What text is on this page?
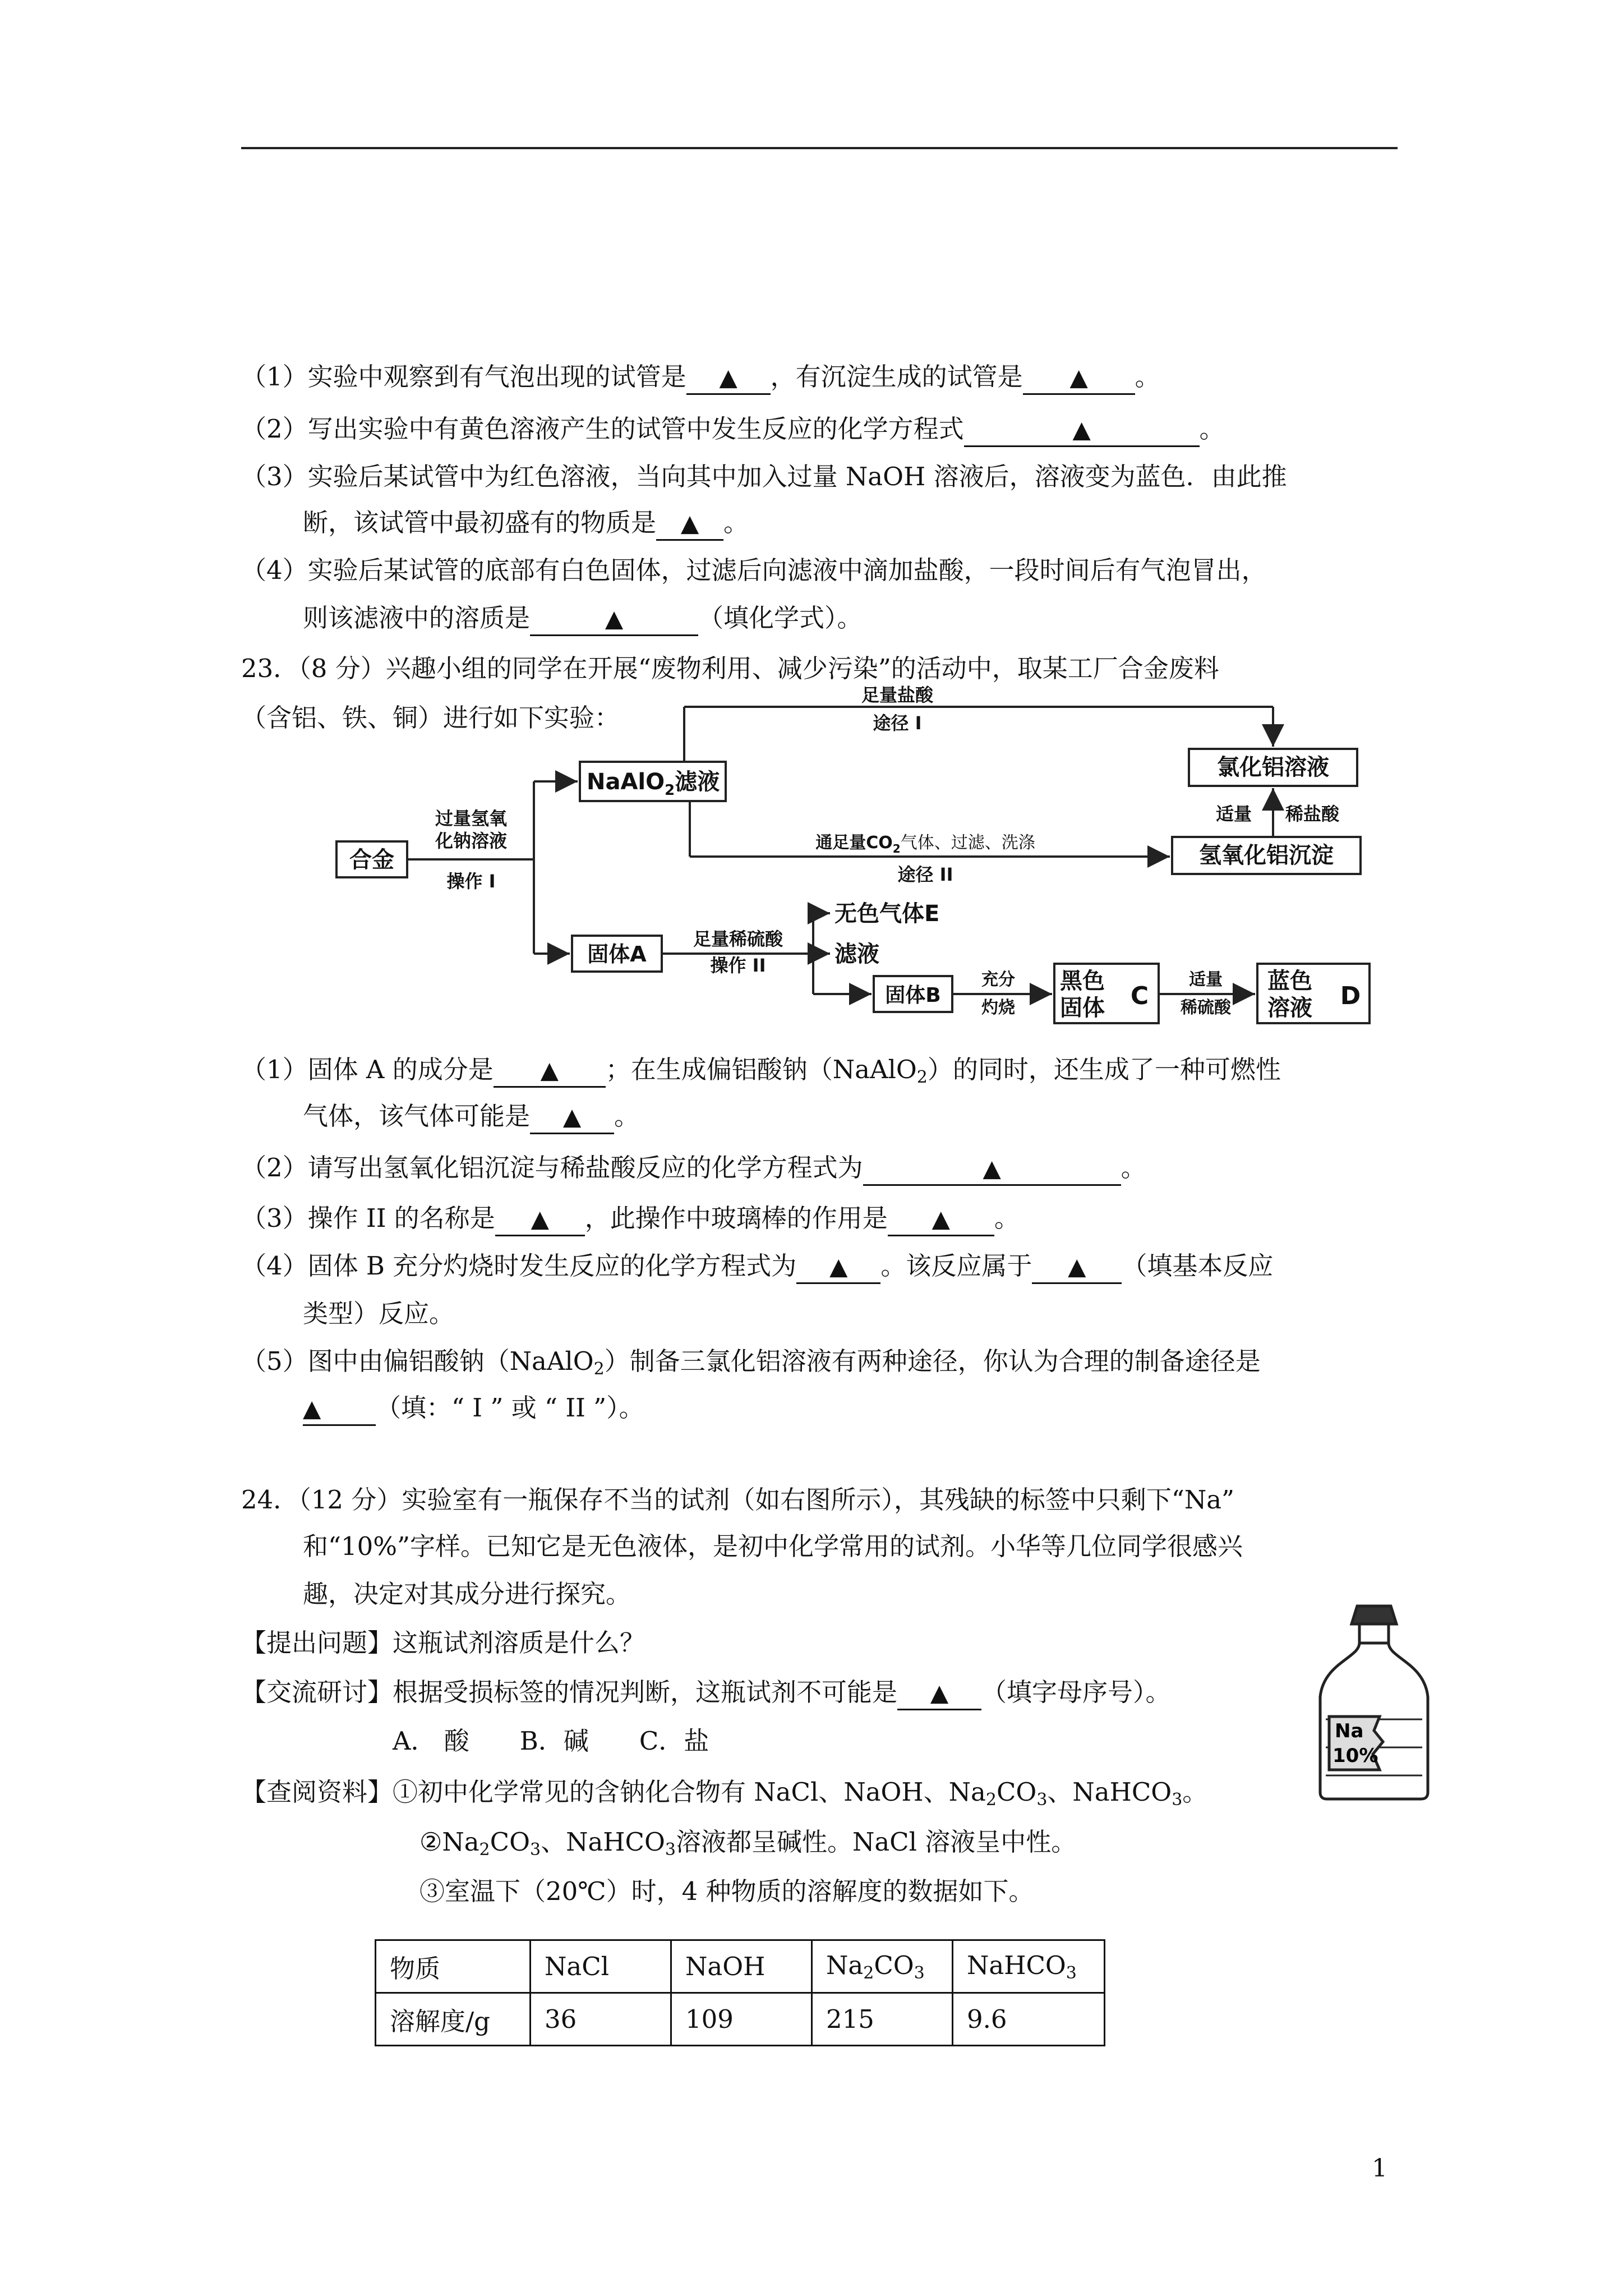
（1）实验中观察到有气泡出现的试管是 ▲ ，有沉淀生成的试管是 ▲ 。
（2）写出实验中有黄色溶液产生的试管中发生反应的化学方程式	▲	。
（3）实验后某试管中为红色溶液，当向其中加入过量 NaOH 溶液后，溶液变为蓝色．由此推
断，该试管中最初盛有的物质是 ▲ 。
（4）实验后某试管的底部有白色固体，过滤后向滤液中滴加盐酸，一段时间后有气泡冒出，
则该滤液中的溶质是	▲	（填化学式）。
23．（8 分）兴趣小组的同学在开展“废物利用、减少污染”的活动中，取某工厂合金废料
（含铝、铁、铜）进行如下实验：
合金
过量氢氧
化钠溶液
操作 I
NaAlO$_2$滤液
足量盐酸
途径 I
氯化铝溶液
适量 稀盐酸
通足量$CO_2$气体、过滤、洗涤
途径 II
氢氧化铝沉淀
固体A
足量稀硫酸
操作 II
无色气体E
滤液
固体B
充分
灼烧
黑色
固体 C
适量
稀硫酸
蓝色
溶液 D
（1）固体 A 的成分是 ▲ ；在生成偏铝酸钠（NaAlO$_2$）的同时，还生成了一种可燃性
气体，该气体可能是 ▲ 。
（2）请写出氢氧化铝沉淀与稀盐酸反应的化学方程式为	▲	。
（3）操作 II 的名称是 ▲ ，此操作中玻璃棒的作用是 ▲ 。
（4）固体 B 充分灼烧时发生反应的化学方程式为 ▲ 。该反应属于 ▲ （填基本反应
类型）反应。
（5）图中由偏铝酸钠（NaAlO$_2$）制备三氯化铝溶液有两种途径，你认为合理的制备途径是
▲ （填：“ I ” 或 “ II ”）。
24．（12 分）实验室有一瓶保存不当的试剂（如右图所示），其残缺的标签中只剩下“Na”
和“10%”字样。已知它是无色液体，是初中化学常用的试剂。小华等几位同学很感兴
趣，决定对其成分进行探究。
【提出问题】这瓶试剂溶质是什么？
【交流研讨】根据受损标签的情况判断，这瓶试剂不可能是 ▲ （填字母序号）。
A． 酸　　B．碱　　C．盐
【查阅资料】①初中化学常见的含钠化合物有 NaCl、NaOH、$Na_2CO_3$、NaHCO$_3$。
$②Na_2CO_3$、NaHCO$_3$溶液都呈碱性。NaCl 溶液呈中性。
③室温下（20℃）时，4 种物质的溶解度的数据如下。
Na
10%
物质	NaCl	NaOH	$Na_2CO_3$	NaHCO$_3$
溶解度/g	36	109	215	9.6
1
